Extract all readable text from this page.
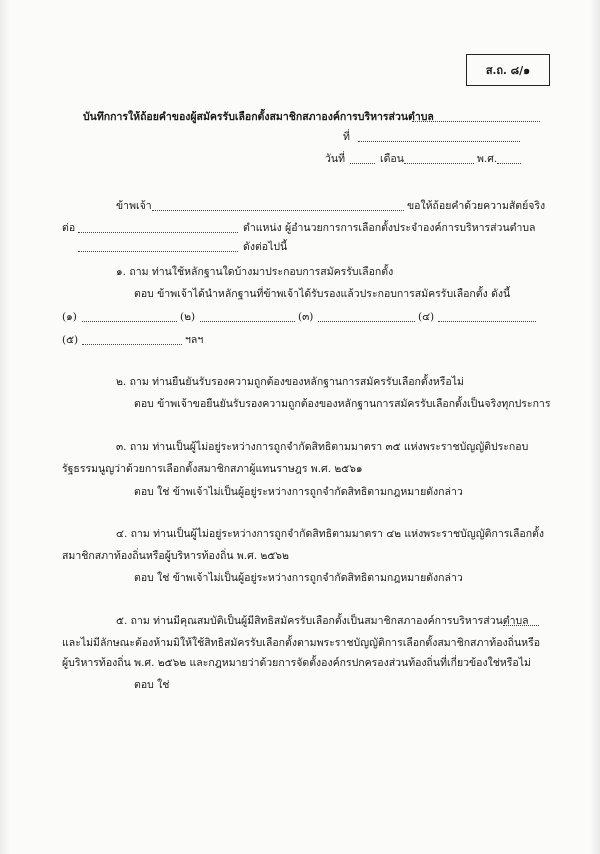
ส.ถ. ๘/๑
บันทึกการให้ถ้อยคำของผู้สมัครรับเลือกตั้งสมาชิกสภาองค์การบริหารส่วนตำบล
ที่
วันที่	เดือน	พ.ศ.
ข้าพเจ้า	ขอให้ถ้อยคำด้วยความสัตย์จริง
ต่อ	ตำแหน่ง ผู้อำนวยการการเลือกตั้งประจำองค์การบริหารส่วนตำบล
ดังต่อไปนี้
๑. ถาม ท่านใช้หลักฐานใดบ้างมาประกอบการสมัครรับเลือกตั้ง
ตอบ ข้าพเจ้าได้นำหลักฐานที่ข้าพเจ้าได้รับรองแล้วประกอบการสมัครรับเลือกตั้ง ดังนี้
(๑)	(๒)	(๓)	(๔)
(๕)	ฯลฯ
๒. ถาม ท่านยืนยันรับรองความถูกต้องของหลักฐานการสมัครรับเลือกตั้งหรือไม่
ตอบ ข้าพเจ้าขอยืนยันรับรองความถูกต้องของหลักฐานการสมัครรับเลือกตั้งเป็นจริงทุกประการ
๓. ถาม ท่านเป็นผู้ไม่อยู่ระหว่างการถูกจำกัดสิทธิตามมาตรา ๓๕ แห่งพระราชบัญญัติประกอบ
รัฐธรรมนูญว่าด้วยการเลือกตั้งสมาชิกสภาผู้แทนราษฎร พ.ศ. ๒๕๖๑
ตอบ ใช่ ข้าพเจ้าไม่เป็นผู้อยู่ระหว่างการถูกจำกัดสิทธิตามกฎหมายดังกล่าว
๔. ถาม ท่านเป็นผู้ไม่อยู่ระหว่างการถูกจำกัดสิทธิตามมาตรา ๔๒ แห่งพระราชบัญญัติการเลือกตั้ง
สมาชิกสภาท้องถิ่นหรือผู้บริหารท้องถิ่น พ.ศ. ๒๕๖๒
ตอบ ใช่ ข้าพเจ้าไม่เป็นผู้อยู่ระหว่างการถูกจำกัดสิทธิตามกฎหมายดังกล่าว
๕. ถาม ท่านมีคุณสมบัติเป็นผู้มีสิทธิสมัครรับเลือกตั้งเป็นสมาชิกสภาองค์การบริหารส่วนตำบล
และไม่มีลักษณะต้องห้ามมิให้ใช้สิทธิสมัครรับเลือกตั้งตามพระราชบัญญัติการเลือกตั้งสมาชิกสภาท้องถิ่นหรือ
ผู้บริหารท้องถิ่น พ.ศ. ๒๕๖๒ และกฎหมายว่าด้วยการจัดตั้งองค์กรปกครองส่วนท้องถิ่นที่เกี่ยวข้องใช่หรือไม่
ตอบ ใช่
